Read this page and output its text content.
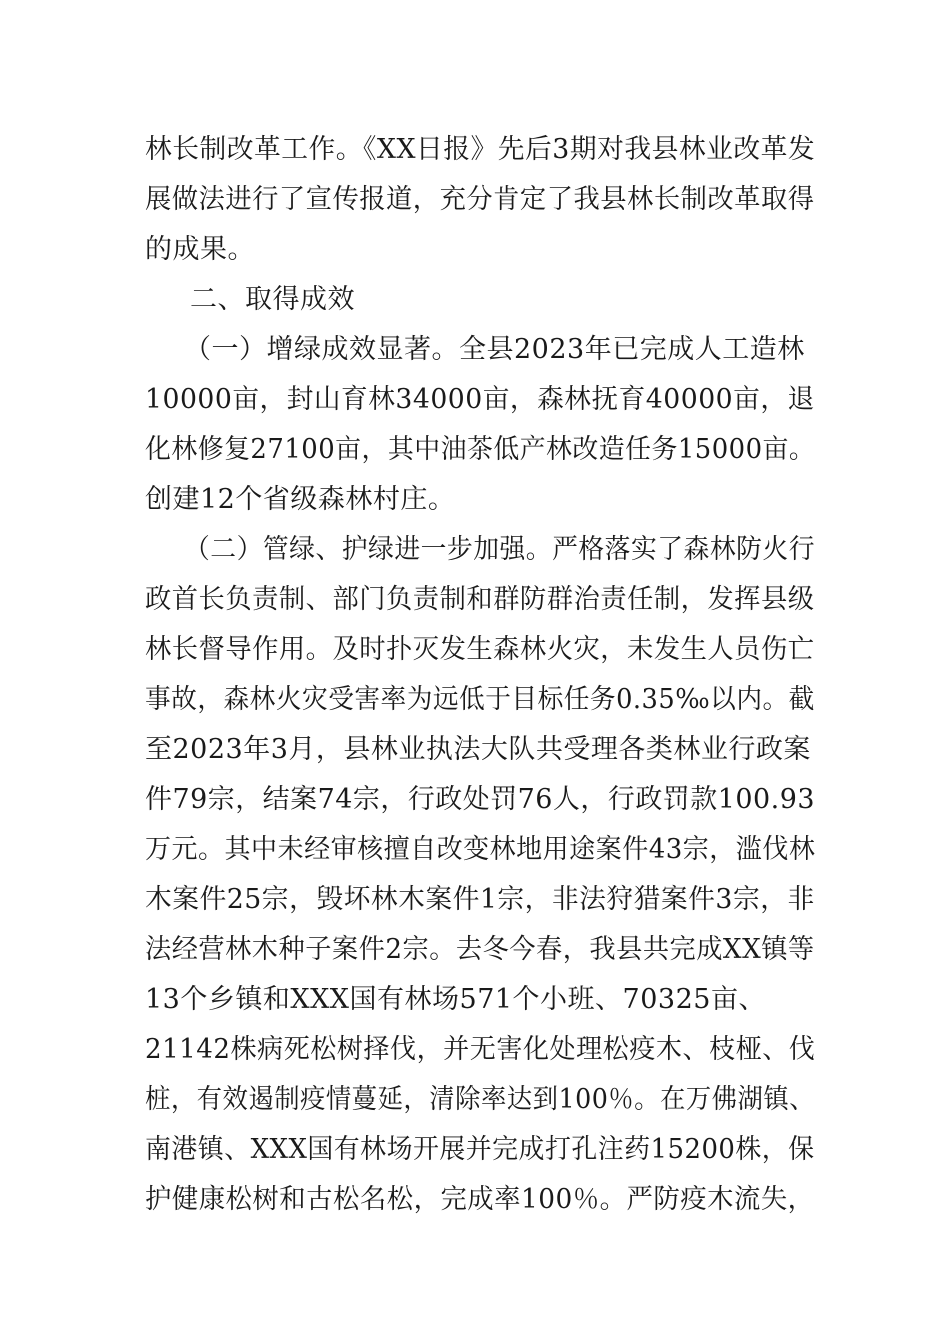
林长制改革工作。《XX日报》先后3期对我县林业改革发
展做法进行了宣传报道，充分肯定了我县林长制改革取得
的成果。
二、取得成效
（一）增绿成效显著。全县2023年已完成人工造林
10000亩，封山育林34000亩，森林抚育40000亩，退
化林修复27100亩，其中油茶低产林改造任务15000亩。
创建12个省级森林村庄。
（二）管绿、护绿进一步加强。严格落实了森林防火行
政首长负责制、部门负责制和群防群治责任制，发挥县级
林长督导作用。及时扑灭发生森林火灾，未发生人员伤亡
事故，森林火灾受害率为远低于目标任务0.35‰以内。截
至2023年3月，县林业执法大队共受理各类林业行政案
件79宗，结案74宗，行政处罚76人，行政罚款100.93
万元。其中未经审核擅自改变林地用途案件43宗，滥伐林
木案件25宗，毁坏林木案件1宗，非法狩猎案件3宗，非
法经营林木种子案件2宗。去冬今春，我县共完成XX镇等
13个乡镇和XXX国有林场571个小班、70325亩、
21142株病死松树择伐，并无害化处理松疫木、枝桠、伐
桩，有效遏制疫情蔓延，清除率达到100％。在万佛湖镇、
南港镇、XXX国有林场开展并完成打孔注药15200株，保
护健康松树和古松名松，完成率100％。严防疫木流失，
